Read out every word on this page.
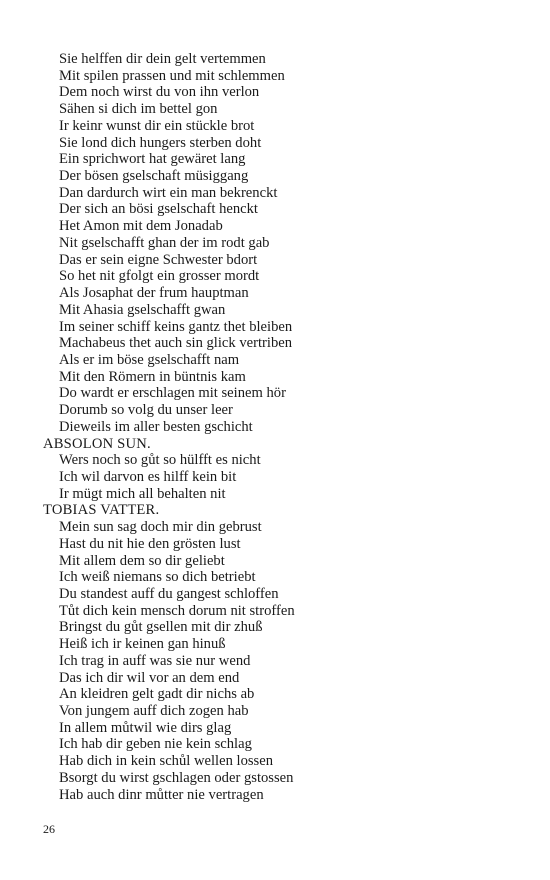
Sie helffen dir dein gelt vertemmen
Mit spilen prassen und mit schlemmen
Dem noch wirst du von ihn verlon
Sähen si dich im bettel gon
Ir keinr wunst dir ein stückle brot
Sie lond dich hungers sterben doht
Ein sprichwort hat gewäret lang
Der bösen gselschaft müsiggang
Dan dardurch wirt ein man bekrenckt
Der sich an bösi gselschaft henckt
Het Amon mit dem Jonadab
Nit gselschafft ghan der im rodt gab
Das er sein eigne Schwester bdort
So het nit gfolgt ein grosser mordt
Als Josaphat der frum hauptman
Mit Ahasia gselschafft gwan
Im seiner schiff keins gantz thet bleiben
Machabeus thet auch sin glick vertriben
Als er im böse gselschafft nam
Mit den Römern in büntnis kam
Do wardt er erschlagen mit seinem hör
Dorumb so volg du unser leer
Dieweils im aller besten gschicht
ABSOLON SUN.
Wers noch so gůt so hülfft es nicht
Ich wil darvon es hilff kein bit
Ir mügt mich all behalten nit
TOBIAS VATTER.
Mein sun sag doch mir din gebrust
Hast du nit hie den grösten lust
Mit allem dem so dir geliebt
Ich weiß niemans so dich betriebt
Du standest auff du gangest schloffen
Tůt dich kein mensch dorum nit stroffen
Bringst du gůt gsellen mit dir zhuß
Heiß ich ir keinen gan hinuß
Ich trag in auff was sie nur wend
Das ich dir wil vor an dem end
An kleidren gelt gadt dir nichs ab
Von jungem auff dich zogen hab
In allem můtwil wie dirs glag
Ich hab dir geben nie kein schlag
Hab dich in kein schůl wellen lossen
Bsorgt du wirst gschlagen oder gstossen
Hab auch dinr můtter nie vertragen
26
